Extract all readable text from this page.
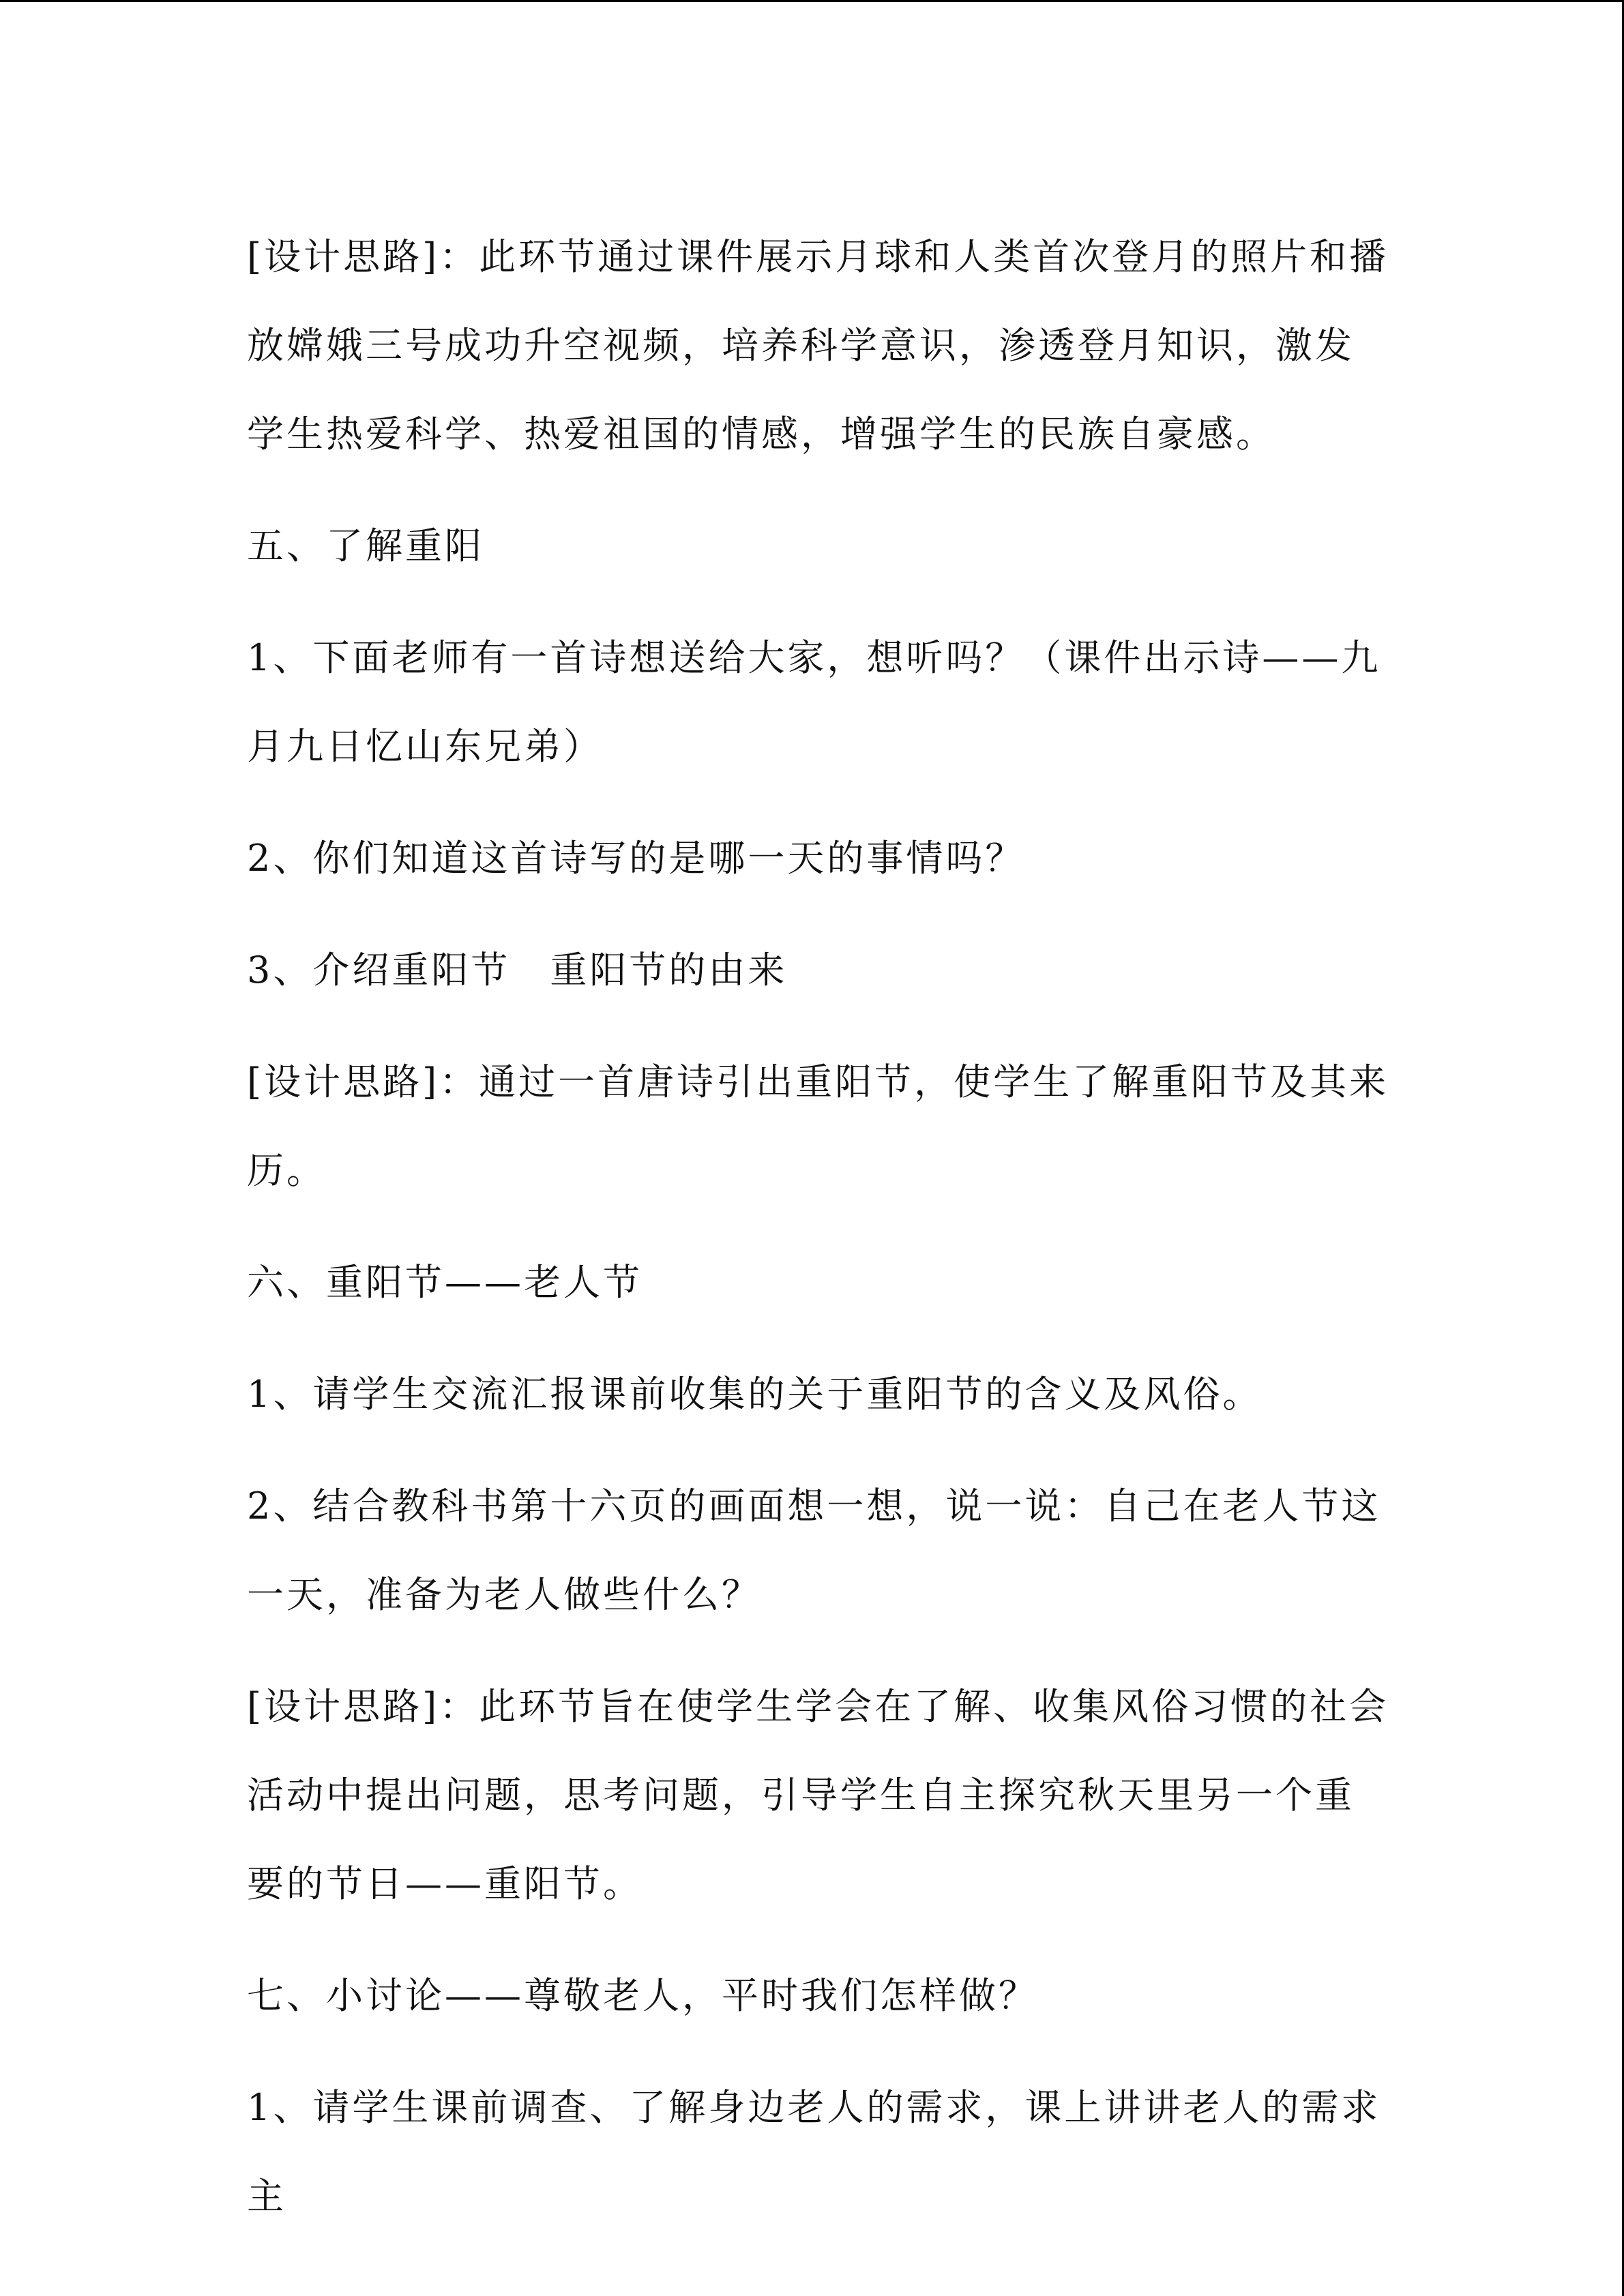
[设计思路]：此环节通过课件展示月球和人类首次登月的照片和播放嫦娥三号成功升空视频，培养科学意识，渗透登月知识，激发学生热爱科学、热爱祖国的情感，增强学生的民族自豪感。

五、了解重阳

1、下面老师有一首诗想送给大家，想听吗？（课件出示诗——九月九日忆山东兄弟）

2、你们知道这首诗写的是哪一天的事情吗？

3、介绍重阳节　重阳节的由来

[设计思路]：通过一首唐诗引出重阳节，使学生了解重阳节及其来历。

六、重阳节——老人节

1、请学生交流汇报课前收集的关于重阳节的含义及风俗。

2、结合教科书第十六页的画面想一想，说一说：自己在老人节这一天，准备为老人做些什么？

[设计思路]：此环节旨在使学生学会在了解、收集风俗习惯的社会活动中提出问题，思考问题，引导学生自主探究秋天里另一个重要的节日——重阳节。

七、小讨论——尊敬老人，平时我们怎样做？

1、请学生课前调查、了解身边老人的需求，课上讲讲老人的需求主
